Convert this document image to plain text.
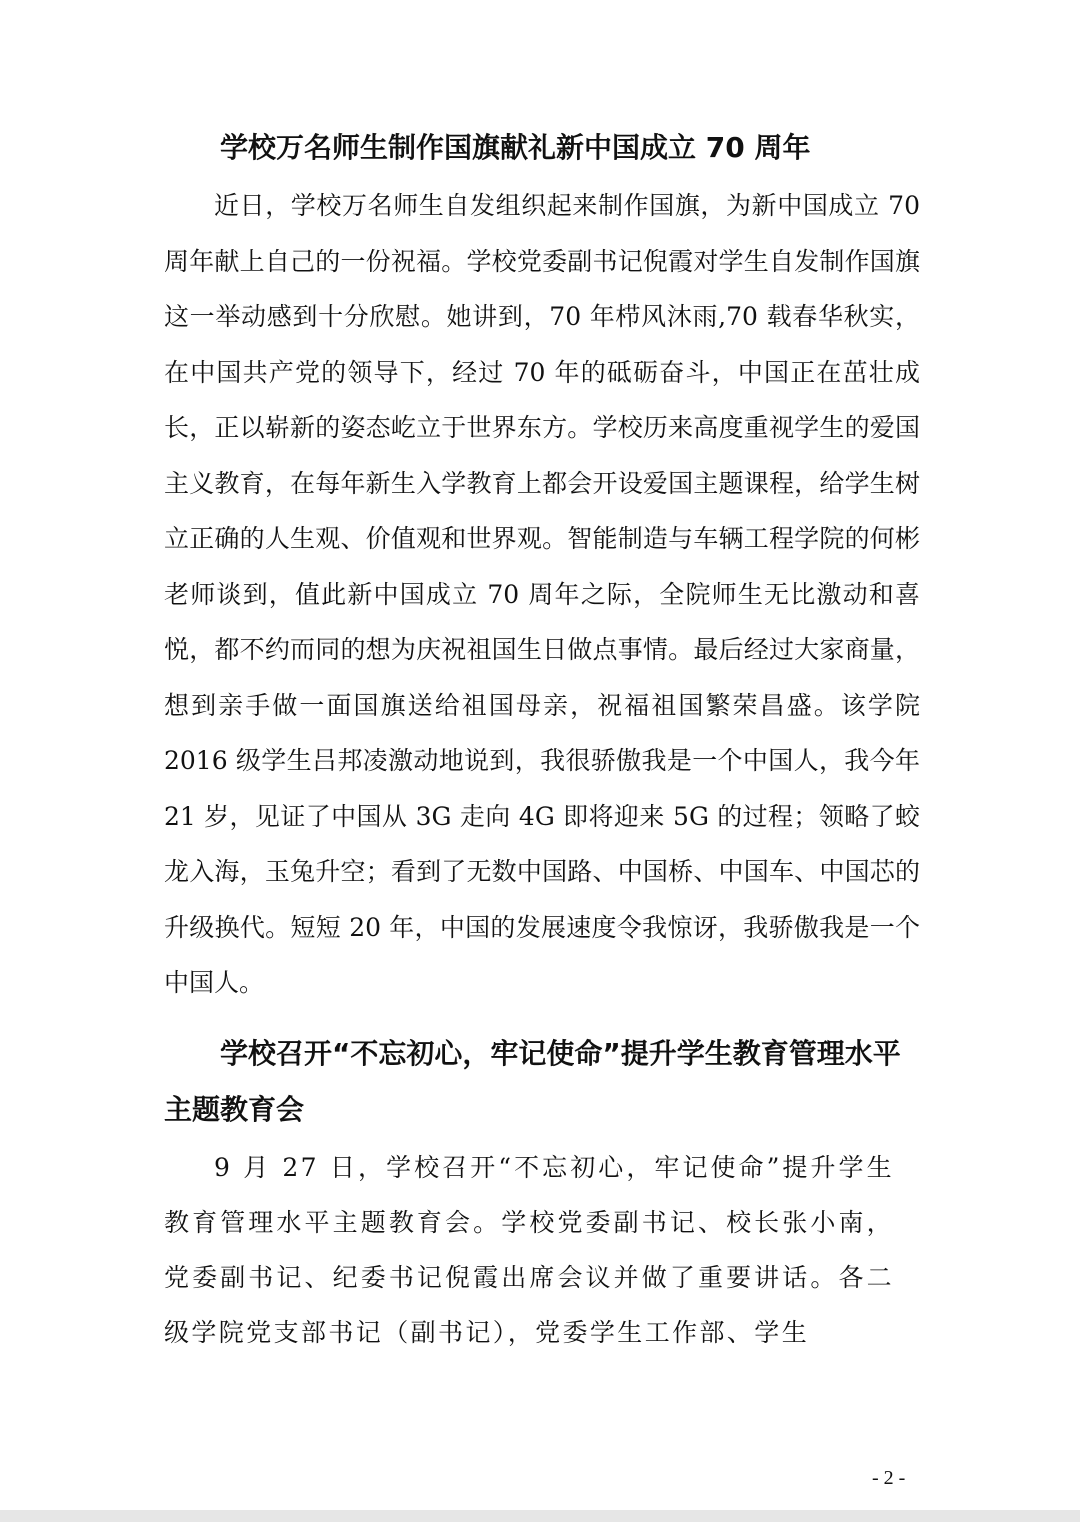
学校万名师生制作国旗献礼新中国成立 70 周年

近日，学校万名师生自发组织起来制作国旗，为新中国成立 70 周年献上自己的一份祝福。学校党委副书记倪霞对学生自发制作国旗这一举动感到十分欣慰。她讲到，70 年栉风沐雨,70 载春华秋实，在中国共产党的领导下，经过 70 年的砥砺奋斗，中国正在茁壮成长，正以崭新的姿态屹立于世界东方。学校历来高度重视学生的爱国主义教育，在每年新生入学教育上都会开设爱国主题课程，给学生树立正确的人生观、价值观和世界观。智能制造与车辆工程学院的何彬老师谈到，值此新中国成立 70 周年之际，全院师生无比激动和喜悦，都不约而同的想为庆祝祖国生日做点事情。最后经过大家商量，想到亲手做一面国旗送给祖国母亲，祝福祖国繁荣昌盛。该学院 2016 级学生吕邦凌激动地说到，我很骄傲我是一个中国人，我今年 21 岁，见证了中国从 3G 走向 4G 即将迎来 5G 的过程；领略了蛟龙入海，玉兔升空；看到了无数中国路、中国桥、中国车、中国芯的升级换代。短短 20 年，中国的发展速度令我惊讶，我骄傲我是一个中国人。

学校召开“不忘初心，牢记使命”提升学生教育管理水平主题教育会

9 月 27 日，学校召开“不忘初心，牢记使命”提升学生教育管理水平主题教育会。学校党委副书记、校长张小南，党委副书记、纪委书记倪霞出席会议并做了重要讲话。各二级学院党支部书记（副书记），党委学生工作部、学生

- 2 -
